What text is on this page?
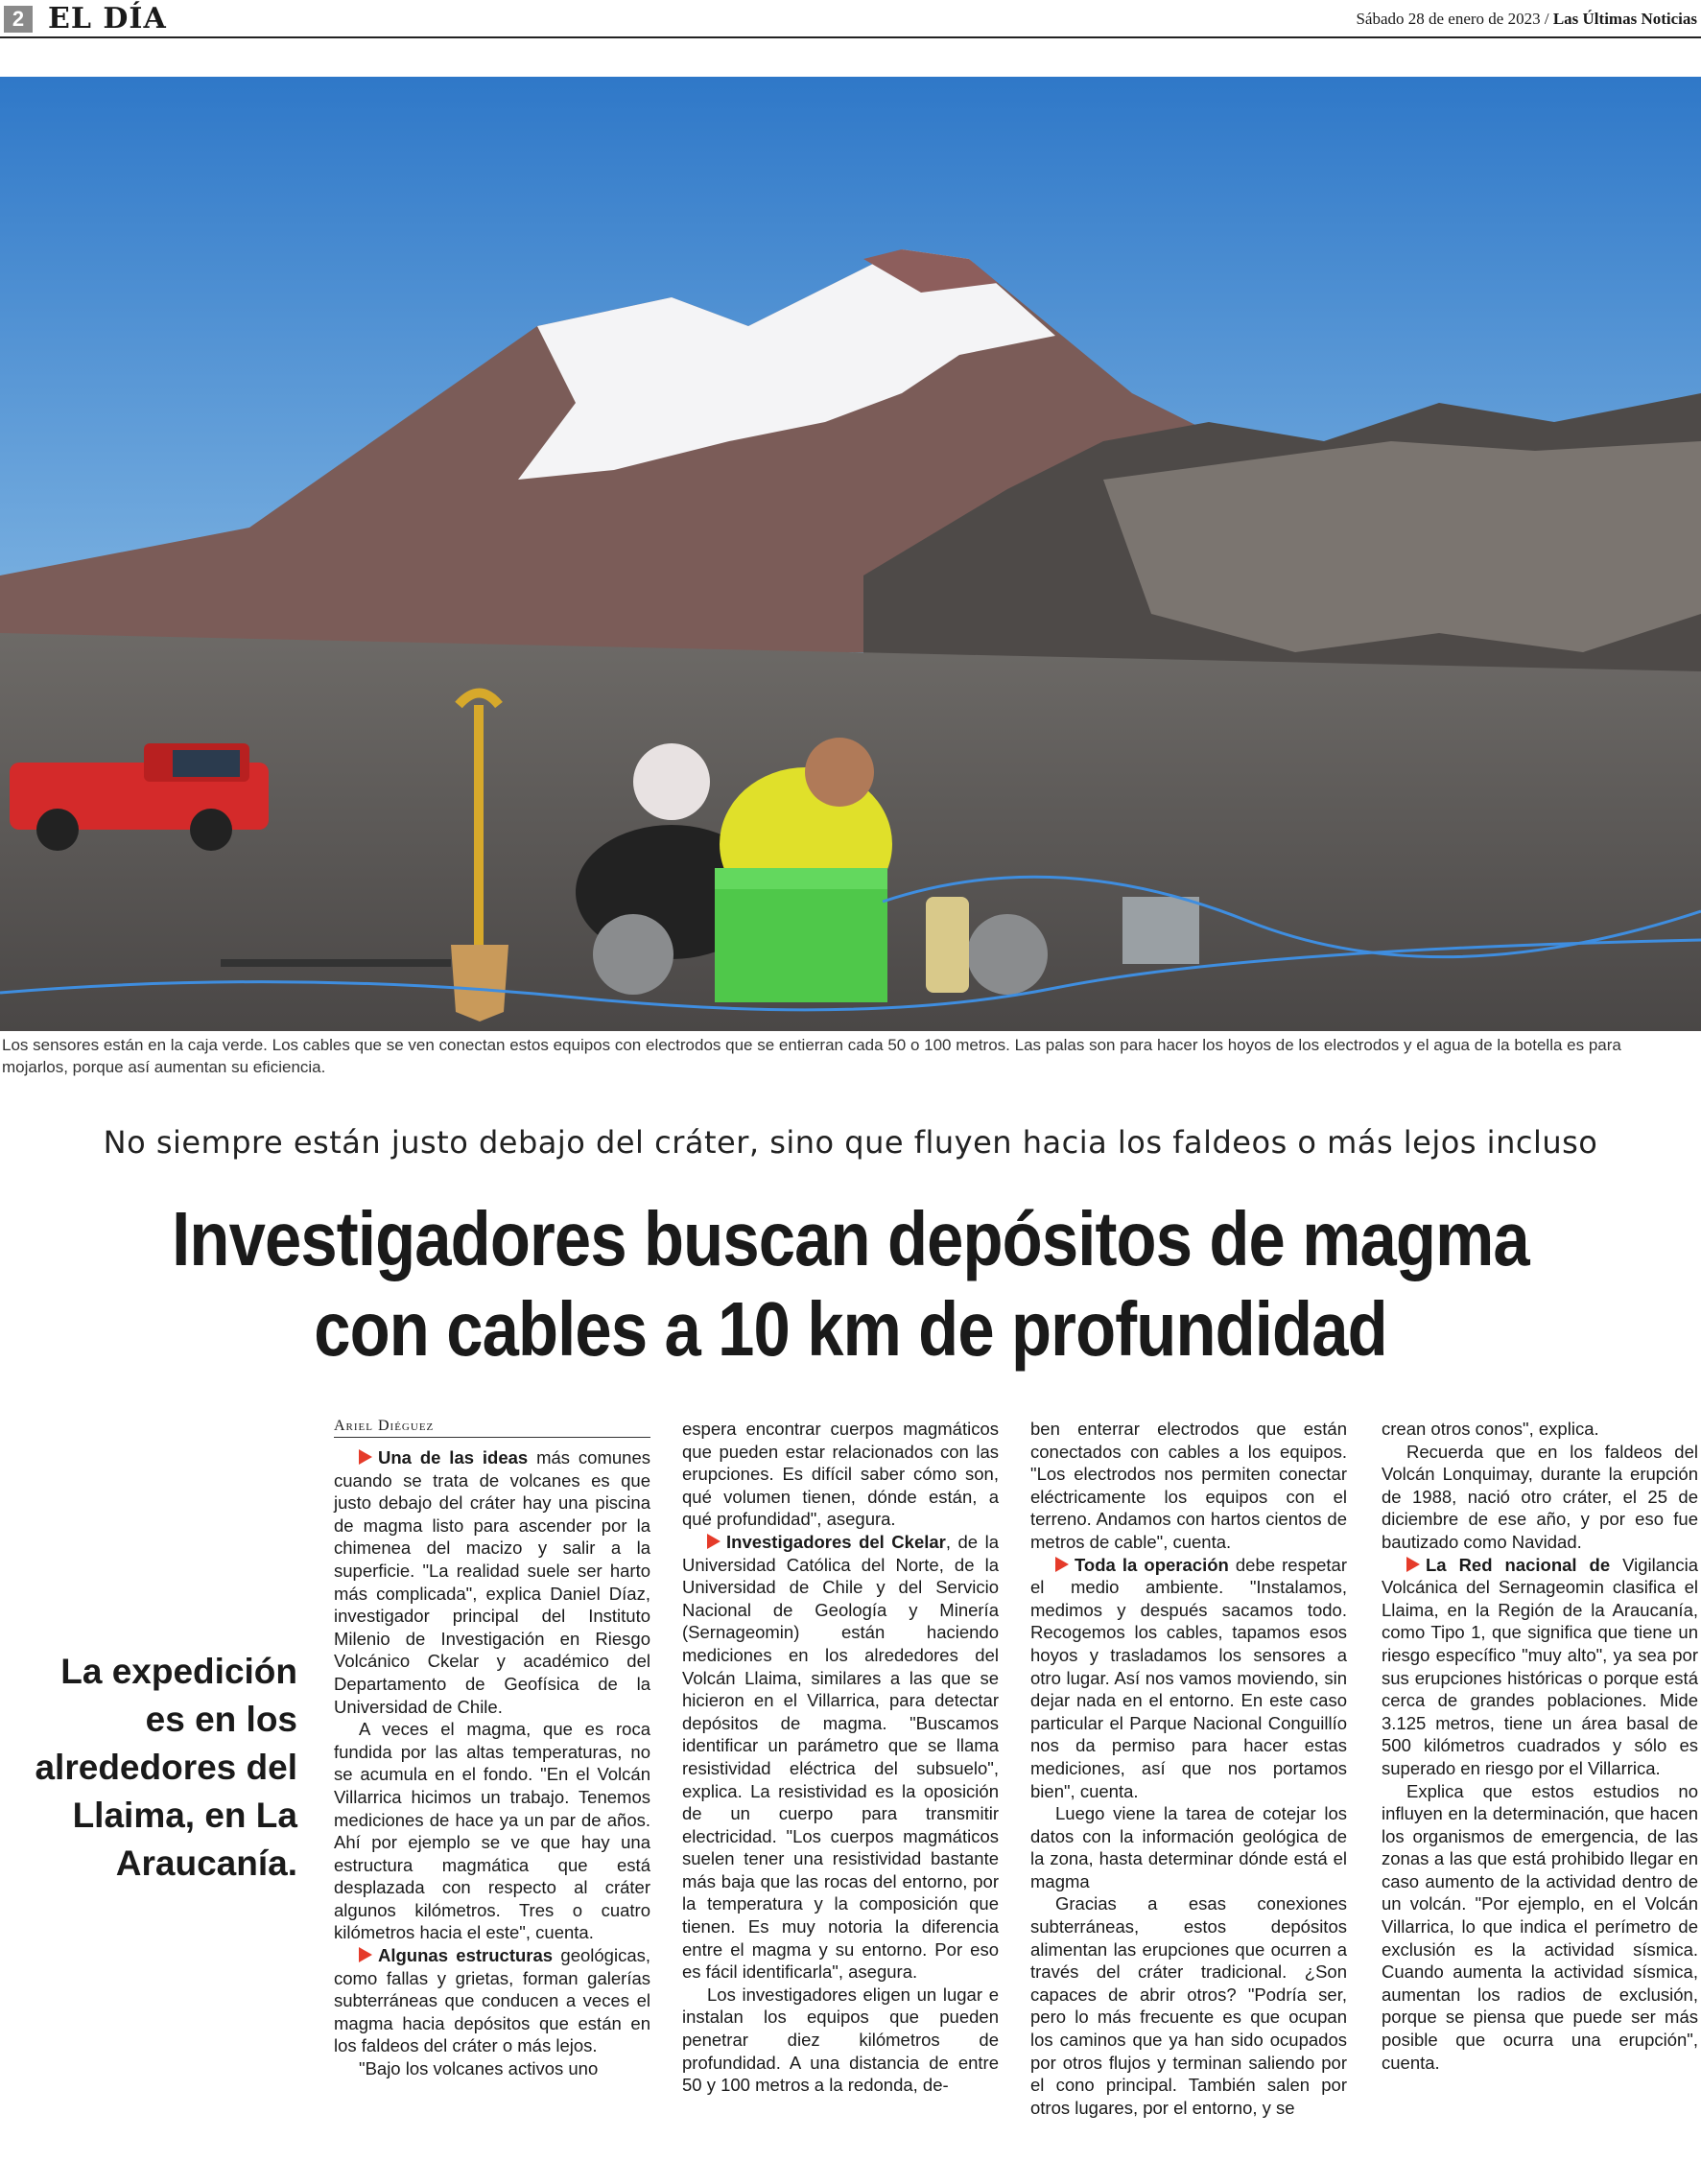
2 EL DÍA	Sábado 28 de enero de 2023 / Las Últimas Noticias
Los sensores están en la caja verde. Los cables que se ven conectan estos equipos con electrodos que se entierran cada 50 o 100 metros. Las palas son para hacer los hoyos de los electrodos y el agua de la botella es para mojarlos, porque así aumentan su eficiencia.
No siempre están justo debajo del cráter, sino que fluyen hacia los faldeos o más lejos incluso
Investigadores buscan depósitos de magma
con cables a 10 km de profundidad
La expedición es en los alrededores del Llaima, en La Araucanía.
Ariel Diéguez

Una de las ideas más comunes cuando se trata de volcanes es que justo debajo del cráter hay una piscina de magma listo para ascender por la chimenea del macizo y salir a la superficie. "La realidad suele ser harto más complicada", explica Daniel Díaz, investigador principal del Instituto Milenio de Investigación en Riesgo Volcánico Ckelar y académico del Departamento de Geofísica de la Universidad de Chile.

A veces el magma, que es roca fundida por las altas temperaturas, no se acumula en el fondo. "En el Volcán Villarrica hicimos un trabajo. Tenemos mediciones de hace ya un par de años. Ahí por ejemplo se ve que hay una estructura magmática que está desplazada con respecto al cráter algunos kilómetros. Tres o cuatro kilómetros hacia el este", cuenta.

Algunas estructuras geológicas, como fallas y grietas, forman galerías subterráneas que conducen a veces el magma hacia depósitos que están en los faldeos del cráter o más lejos.

"Bajo los volcanes activos uno

espera encontrar cuerpos magmáticos que pueden estar relacionados con las erupciones. Es difícil saber cómo son, qué volumen tienen, dónde están, a qué profundidad", asegura.

Investigadores del Ckelar, de la Universidad Católica del Norte, de la Universidad de Chile y del Servicio Nacional de Geología y Minería (Sernageomin) están haciendo mediciones en los alrededores del Volcán Llaima, similares a las que se hicieron en el Villarrica, para detectar depósitos de magma. "Buscamos identificar un parámetro que se llama resistividad eléctrica del subsuelo", explica. La resistividad es la oposición de un cuerpo para transmitir electricidad. "Los cuerpos magmáticos suelen tener una resistividad bastante más baja que las rocas del entorno, por la temperatura y la composición que tienen. Es muy notoria la diferencia entre el magma y su entorno. Por eso es fácil identificarla", asegura.

Los investigadores eligen un lugar e instalan los equipos que pueden penetrar diez kilómetros de profundidad. A una distancia de entre 50 y 100 metros a la redonda, de-

ben enterrar electrodos que están conectados con cables a los equipos. "Los electrodos nos permiten conectar eléctricamente los equipos con el terreno. Andamos con hartos cientos de metros de cable", cuenta.

Toda la operación debe respetar el medio ambiente. "Instalamos, medimos y después sacamos todo. Recogemos los cables, tapamos esos hoyos y trasladamos los sensores a otro lugar. Así nos vamos moviendo, sin dejar nada en el entorno. En este caso particular el Parque Nacional Conguillío nos da permiso para hacer estas mediciones, así que nos portamos bien", cuenta.

Luego viene la tarea de cotejar los datos con la información geológica de la zona, hasta determinar dónde está el magma

Gracias a esas conexiones subterráneas, estos depósitos alimentan las erupciones que ocurren a través del cráter tradicional. ¿Son capaces de abrir otros? "Podría ser, pero lo más frecuente es que ocupan los caminos que ya han sido ocupados por otros flujos y terminan saliendo por el cono principal. También salen por otros lugares, por el entorno, y se

crean otros conos", explica.

Recuerda que en los faldeos del Volcán Lonquimay, durante la erupción de 1988, nació otro cráter, el 25 de diciembre de ese año, y por eso fue bautizado como Navidad.

La Red nacional de Vigilancia Volcánica del Sernageomin clasifica el Llaima, en la Región de la Araucanía, como Tipo 1, que significa que tiene un riesgo específico "muy alto", ya sea por sus erupciones históricas o porque está cerca de grandes poblaciones. Mide 3.125 metros, tiene un área basal de 500 kilómetros cuadrados y sólo es superado en riesgo por el Villarrica.

Explica que estos estudios no influyen en la determinación, que hacen los organismos de emergencia, de las zonas a las que está prohibido llegar en caso aumento de la actividad dentro de un volcán. "Por ejemplo, en el Volcán Villarrica, lo que indica el perímetro de exclusión es la actividad sísmica. Cuando aumenta la actividad sísmica, aumentan los radios de exclusión, porque se piensa que puede ser más posible que ocurra una erupción", cuenta.
